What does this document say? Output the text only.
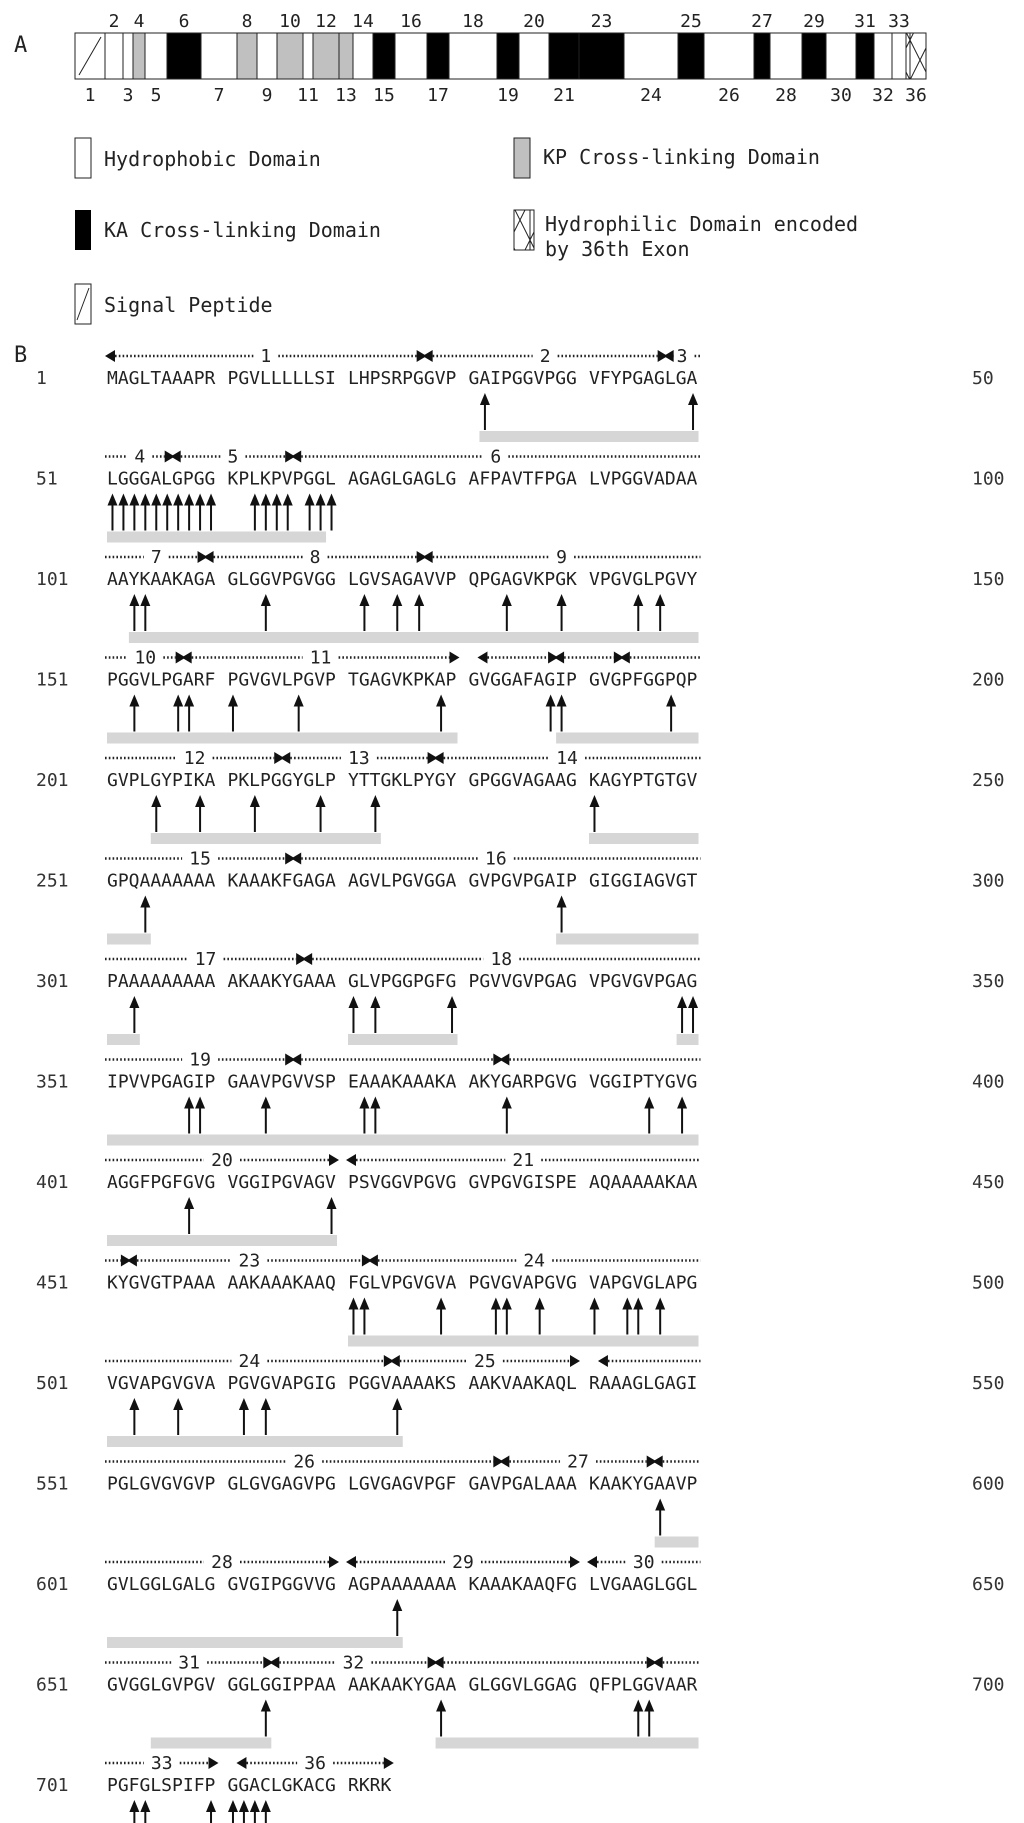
A
1
2
3
4
5
6
7
8
9
10
11
12
13
14
15
16
17
18
19
20
21
23
24
25
26
27
28
29
30
31
32
33
36
Hydrophobic Domain	KP Cross-linking Domain
KA Cross-linking Domain	Hydrophilic Domain encoded
by 36th Exon
Signal Peptide
B
1	50
MAGLTAAAPR PGVLLLLLSI LHPSRPGGVP GAIPGGVPGG VFYPGAGLGA
1	2	3
51	100
LGGGALGPGG KPLKPVPGGL AGAGLGAGLG AFPAVTFPGA LVPGGVADAA
4	5	6
101	150
AAYKAAKAGA GLGGVPGVGG LGVSAGAVVP QPGAGVKPGK VPGVGLPGVY
7	8	9
151	200
PGGVLPGARF PGVGVLPGVP TGAGVKPKAP GVGGAFAGIP GVGPFGGPQP
10	11
201	250
GVPLGYPIKA PKLPGGYGLP YTTGKLPYGY GPGGVAGAAG KAGYPTGTGV
12	13	14
251	300
GPQAAAAAAA KAAAKFGAGA AGVLPGVGGA GVPGVPGAIP GIGGIAGVGT
15	16
301	350
PAAAAAAAAA AKAAKYGAAA GLVPGGPGFG PGVVGVPGAG VPGVGVPGAG
17	18
351	400
IPVVPGAGIP GAAVPGVVSP EAAAKAAAKA AKYGARPGVG VGGIPTYGVG
19
401	450
AGGFPGFGVG VGGIPGVAGV PSVGGVPGVG GVPGVGISPE AQAAAAAKAA
20	21
451	500
KYGVGTPAAA AAKAAAKAAQ FGLVPGVGVA PGVGVAPGVG VAPGVGLAPG
23	24
501	550
VGVAPGVGVA PGVGVAPGIG PGGVAAAAKS AAKVAAKAQL RAAAGLGAGI
24	25
551	600
PGLGVGVGVP GLGVGAGVPG LGVGAGVPGF GAVPGALAAA KAAKYGAAVP
26	27
601	650
GVLGGLGALG GVGIPGGVVG AGPAAAAAAA KAAAKAAQFG LVGAAGLGGL
28	29	30
651	700
GVGGLGVPGV GGLGGIPPAA AAKAAKYGAA GLGGVLGGAG QFPLGGVAAR
31	32
701 PGFGLSPIFP GGACLGKACG RKRK
33	36
